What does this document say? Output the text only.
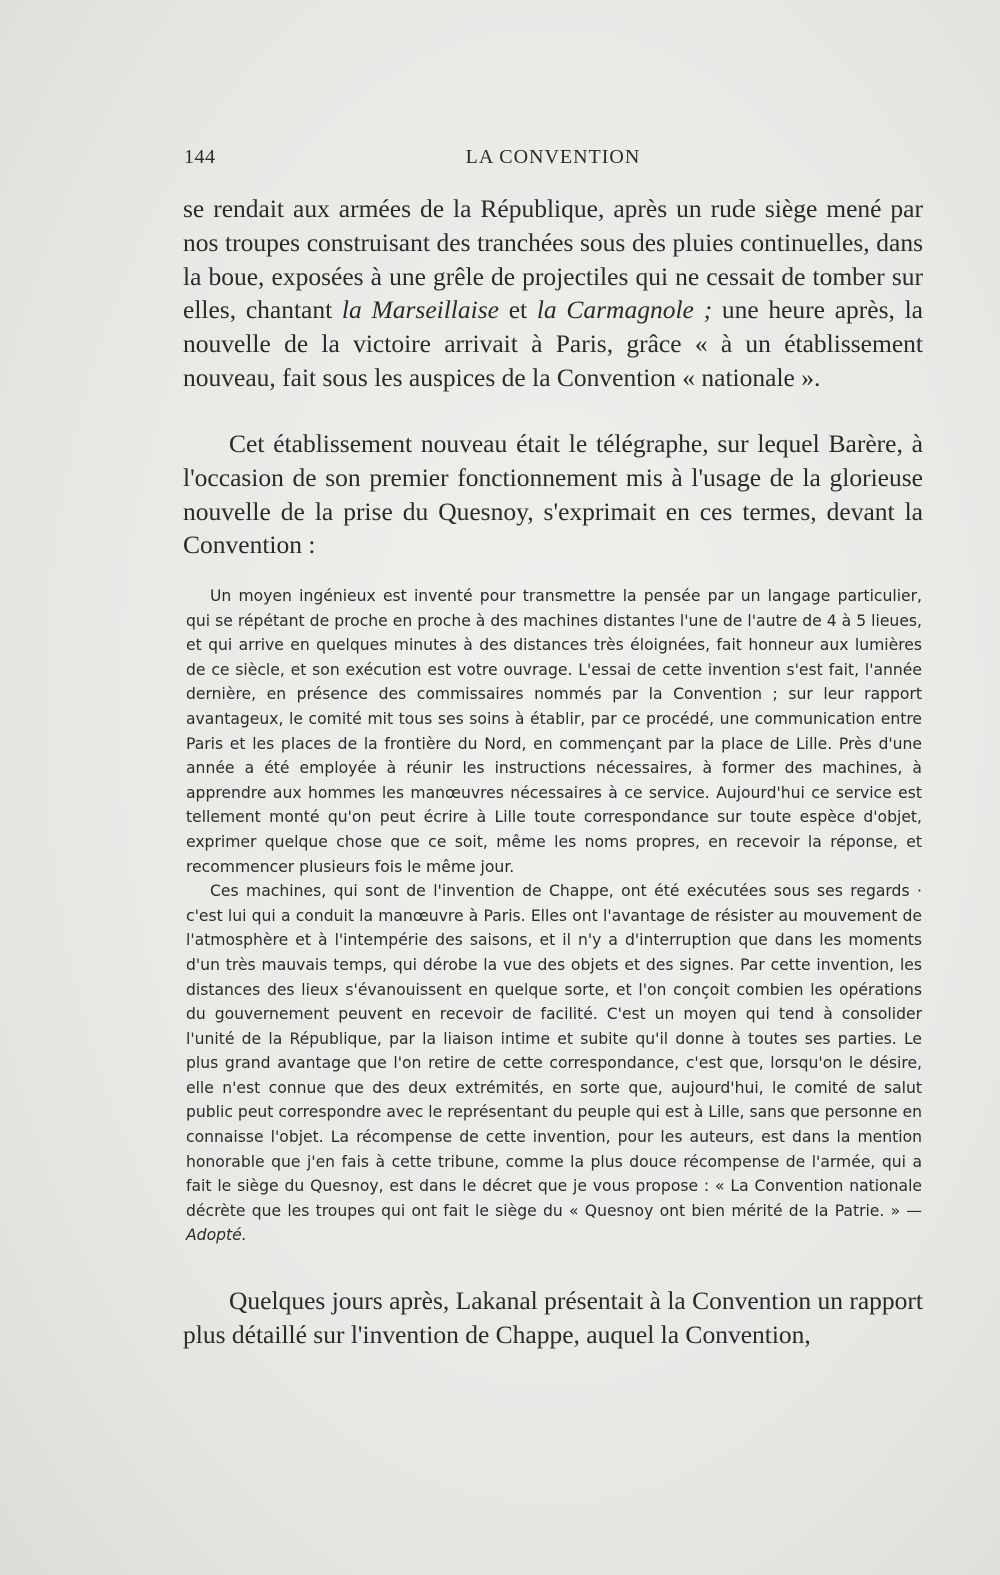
144	LA CONVENTION

se rendait aux armées de la République, après un rude siège mené par nos troupes construisant des tranchées sous des pluies continuelles, dans la boue, exposées à une grêle de projectiles qui ne cessait de tomber sur elles, chantant la Marseillaise et la Carmagnole ; une heure après, la nouvelle de la victoire arrivait à Paris, grâce « à un établissement nouveau, fait sous les auspices de la Convention « nationale ».

Cet établissement nouveau était le télégraphe, sur lequel Barère, à l'occasion de son premier fonctionnement mis à l'usage de la glorieuse nouvelle de la prise du Quesnoy, s'exprimait en ces termes, devant la Convention :

Un moyen ingénieux est inventé pour transmettre la pensée par un langage particulier, qui se répétant de proche en proche à des machines distantes l'une de l'autre de 4 à 5 lieues, et qui arrive en quelques minutes à des distances très éloignées, fait honneur aux lumières de ce siècle, et son exécution est votre ouvrage. L'essai de cette invention s'est fait, l'année dernière, en présence des commissaires nommés par la Convention ; sur leur rapport avantageux, le comité mit tous ses soins à établir, par ce procédé, une communication entre Paris et les places de la frontière du Nord, en commençant par la place de Lille. Près d'une année a été employée à réunir les instructions nécessaires, à former des machines, à apprendre aux hommes les manœuvres nécessaires à ce service. Aujourd'hui ce service est tellement monté qu'on peut écrire à Lille toute correspondance sur toute espèce d'objet, exprimer quelque chose que ce soit, même les noms propres, en recevoir la réponse, et recommencer plusieurs fois le même jour.

Ces machines, qui sont de l'invention de Chappe, ont été exécutées sous ses regards · c'est lui qui a conduit la manœuvre à Paris. Elles ont l'avantage de résister au mouvement de l'atmosphère et à l'intempérie des saisons, et il n'y a d'interruption que dans les moments d'un très mauvais temps, qui dérobe la vue des objets et des signes. Par cette invention, les distances des lieux s'évanouissent en quelque sorte, et l'on conçoit combien les opérations du gouvernement peuvent en recevoir de facilité. C'est un moyen qui tend à consolider l'unité de la République, par la liaison intime et subite qu'il donne à toutes ses parties. Le plus grand avantage que l'on retire de cette correspondance, c'est que, lorsqu'on le désire, elle n'est connue que des deux extrémités, en sorte que, aujourd'hui, le comité de salut public peut correspondre avec le représentant du peuple qui est à Lille, sans que personne en connaisse l'objet. La récompense de cette invention, pour les auteurs, est dans la mention honorable que j'en fais à cette tribune, comme la plus douce récompense de l'armée, qui a fait le siège du Quesnoy, est dans le décret que je vous propose : « La Convention nationale décrète que les troupes qui ont fait le siège du « Quesnoy ont bien mérité de la Patrie. » — Adopté.

Quelques jours après, Lakanal présentait à la Convention un rapport plus détaillé sur l'invention de Chappe, auquel la Convention,
